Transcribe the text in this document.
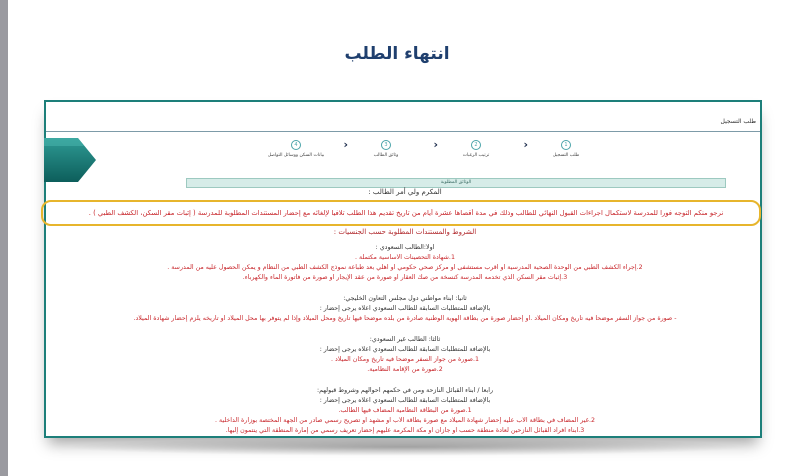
انتهاء الطلب
طلب التسجيل
1
طلب التسجيل
‹
2
ترتيب الرغبات
‹
3
وثائق الطالب
‹
4
بيانات السكن ووسائل التواصل
الوثائق المطلوبة
المكرم ولي أمر الطالب :
نرجو منكم التوجه فورا للمدرسة لاستكمال اجراءات القبول النهائي للطالب وذلك في مدة أقصاها عشرة أيام من تاريخ تقديم هذا الطلب تلافيا لإلغائه مع إحضار المستندات المطلوبة للمدرسة ( إثبات مقر السكن، الكشف الطبي ) .
الشروط والمستندات المطلوبة حسب الجنسيات :
أولاً:الطالب السعودي :
1.شهادة التحصينات الأساسية مكتملة .
2.إجراء الكشف الطبي من الوحدة الصحية المدرسية أو أقرب مستشفى أو مركز صحي حكومي أو أهلي بعد طباعة نموذج الكشف الطبي من النظام و يمكن الحصول عليه من المدرسة .
3.إثبات مقر السكن الذي تخدمه المدرسة كنسخة من صك العقار أو صورة من عقد الإيجار أو صورة من فاتورة الماء والكهرباء.
ثانياً: أبناء مواطني دول مجلس التعاون الخليجي:
بالإضافة للمتطلبات السابقة للطالب السعودي أعلاه يرجى إحضار :
- صورة من جواز السفر موضحاً فيه تاريخ ومكان الميلاد .أو إحضار صورة من بطاقة الهوية الوطنية صادرة من بلده موضحاً فيها تاريخ ومحل الميلاد وإذا لم يتوفر بها محل الميلاد أو تاريخه يلزم إحضار شهادة الميلاد.
ثالثاً: الطالب غير السعودي:
بالإضافة للمتطلبات السابقة للطالب السعودي أعلاه يرجى إحضار :
1.صورة من جواز السفر موضحاً فيه تاريخ ومكان الميلاد .
2.صورة من الإقامة النظامية.
رابعاً / أبناء القبائل النازحة ومن في حكمهم أحوالهم وشروط قبولهم:
بالإضافة للمتطلبات السابقة للطالب السعودي أعلاه يرجى إحضار :
1.صورة من البطاقة النظامية المضاف فيها الطالب.
2.غير المضاف في بطاقة الأب عليه إحضار شهادة الميلاد مع صورة بطاقة الأب أو مشهد أو تصريح رسمي صادر من الجهة المختصة بوزارة الداخلية .
3.أبناء أفراد القبائل النازحين لعادة منطقة حسب أو جازان أو مكة المكرمة عليهم إحضار تعريف رسمي من إمارة المنطقة التي ينتمون إليها.
